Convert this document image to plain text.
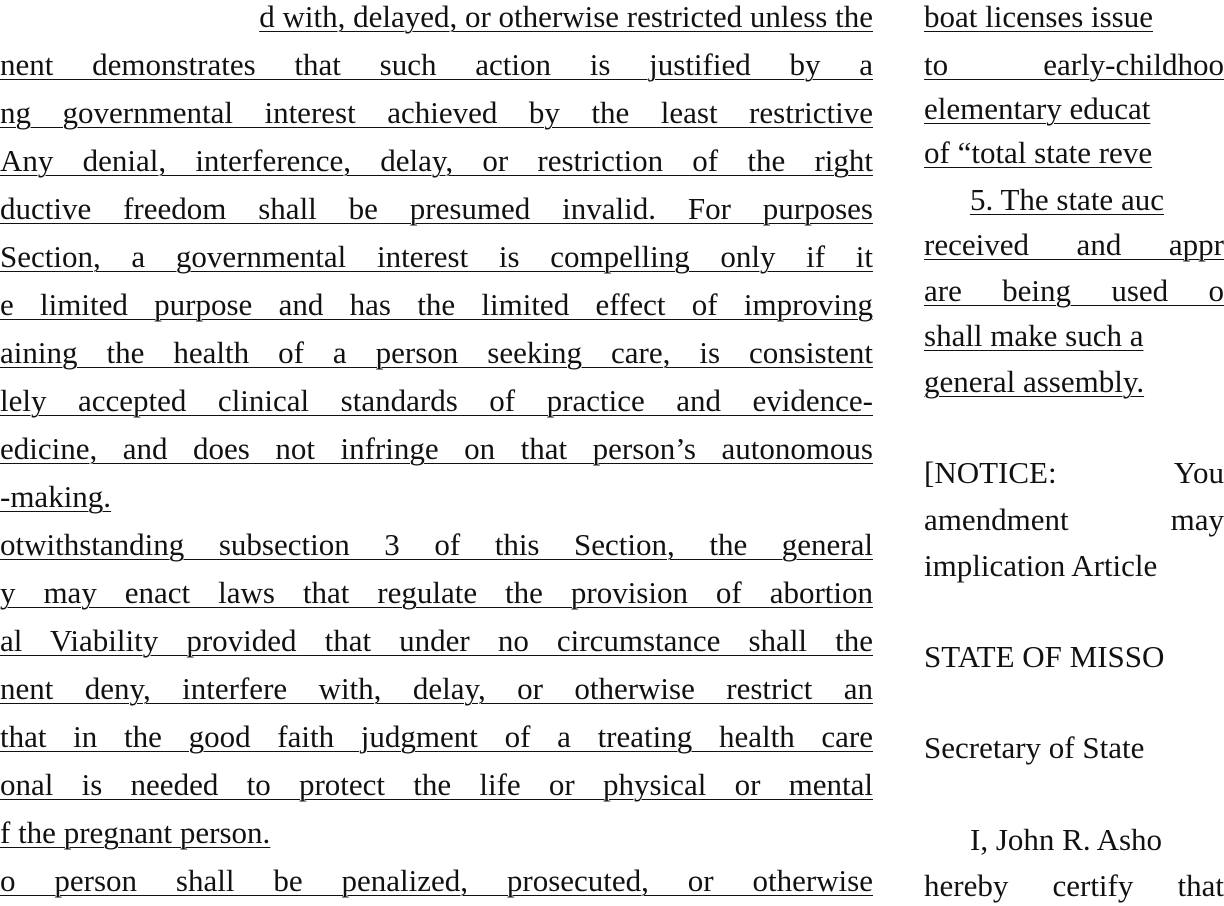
d with, delayed, or otherwise restricted unless the
nent demonstrates that such action is justified by a
ng governmental interest achieved by the least restrictive
Any denial, interference, delay, or restriction of the right
ductive freedom shall be presumed invalid. For purposes
Section, a governmental interest is compelling only if it
e limited purpose and has the limited effect of improving
aining the health of a person seeking care, is consistent
lely accepted clinical standards of practice and evidence-
edicine, and does not infringe on that person’s autonomous
-making.
otwithstanding subsection 3 of this Section, the general
y may enact laws that regulate the provision of abortion
al Viability provided that under no circumstance shall the
nent deny, interfere with, delay, or otherwise restrict an
that in the good faith judgment of a treating health care
onal is needed to protect the life or physical or mental
f the pregnant person.
o person shall be penalized, prosecuted, or otherwise
boat licenses issue
to early-childhoo
elementary educat
of “total state reve
5. The state auc
received and appr
are being used o
shall make such a
general assembly.
[NOTICE: You
amendment may
implication Article
STATE OF MISSO
Secretary of State
I, John R. Asho
hereby certify that
